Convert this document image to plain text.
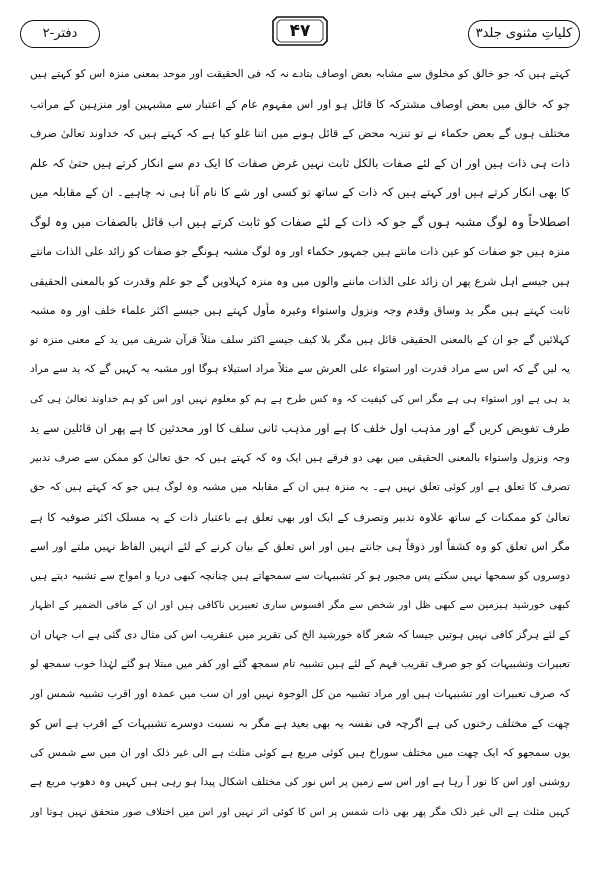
کلیاتِ مثنوی جلد۳
۴۷
دفتر-۲
کہتے ہیں کہ جو خالق کو مخلوق سے مشابہ بعض اوصاف بتادے نہ کہ فی الحقیقت اور موحد بمعنی منزہ اس کو کہتے ہیں
جو کہ خالق میں بعض اوصاف مشترکہ کا قائل ہو اور اس مفہوم عام کے اعتبار سے مشبہین اور منزہین کے مراتب
مختلف ہوں گے بعض حکماء نے تو تنزیہ محض کے قائل ہونے میں اتنا غلو کیا ہے کہ کہتے ہیں کہ خداوند تعالیٰ صرف
ذات ہی ذات ہیں اور ان کے لئے صفات بالکل ثابت نہیں غرض صفات کا ایک دم سے انکار کرتے ہیں حتیٰ کہ علم
کا بھی انکار کرتے ہیں اور کہتے ہیں کہ ذات کے ساتھ تو کسی اور شے کا نام آنا ہی نہ چاہیے۔ ان کے مقابلہ میں
اصطلاحاً وہ لوگ مشبہ ہوں گے جو کہ ذات کے لئے صفات کو ثابت کرتے ہیں اب قائل بالصفات میں وہ لوگ
منزہ ہیں جو صفات کو عین ذات مانتے ہیں جمہور حکماء اور وہ لوگ مشبہ ہونگے جو صفات کو زائد علی الذات مانتے
ہیں جیسے اہل شرع پھر ان زائد علی الذات ماننے والوں میں وہ منزہ کہلاویں گے جو علم وقدرت کو بالمعنی الحقیقی
ثابت کہتے ہیں مگر ید وساق وقدم وجہ ونزول واستواء وغیرہ مأول کہتے ہیں جیسے اکثر علماء خلف اور وہ مشبہ
کہلائیں گے جو ان کے بالمعنی الحقیقی قائل ہیں مگر بلا کیف جیسے اکثر سلف مثلاً قرآن شریف میں ید کے معنی منزہ تو
یہ لیں گے کہ اس سے مراد قدرت اور استواء علی العرش سے مثلاً مراد استیلاء ہوگا اور مشبہ یہ کہیں گے کہ ید سے مراد
ید ہی ہے اور استواء ہی ہے مگر اس کی کیفیت کہ وہ کس طرح ہے ہم کو معلوم نہیں اور اس کو ہم خداوند تعالیٰ ہی کی
طرف تفویض کریں گے اور مذہب اول خلف کا ہے اور مذہب ثانی سلف کا اور محدثین کا ہے پھر ان قائلین سے ید
وجہ ونزول واستواء بالمعنی الحقیقی میں بھی دو فرقے ہیں ایک وہ کہ کہتے ہیں کہ حق تعالیٰ کو ممکن سے صرف تدبیر
تصرف کا تعلق ہے اور کوئی تعلق نہیں ہے۔ یہ منزہ ہیں ان کے مقابلہ میں مشبہ وہ لوگ ہیں جو کہ کہتے ہیں کہ حق
تعالیٰ کو ممکنات کے ساتھ علاوہ تدبیر وتصرف کے ایک اور بھی تعلق ہے باعتبار ذات کے یہ مسلک اکثر صوفیہ کا ہے
مگر اس تعلق کو وہ کشفاً اور ذوقاً ہی جانتے ہیں اور اس تعلق کے بیان کرنے کے لئے انہیں الفاظ نہیں ملتے اور اسے
دوسروں کو سمجھا نہیں سکتے پس مجبور ہو کر تشبیہات سے سمجھاتے ہیں چنانچہ کبھی دریا و امواج سے تشبیہ دیتے ہیں
کبھی خورشید ہیزمین سے کبھی ظل اور شخص سے مگر افسوس ساری تعبیریں ناکافی ہیں اور ان کے مافی الضمیر کے اظہار
کے لئے ہرگز کافی نہیں ہوتیں جیسا کہ شعر گاہ خورشید الخ کی تقریر میں عنقریب اس کی مثال دی گئی ہے اب جہاں ان
تعبیرات وتشبیہات کو جو صرف تقریب فہم کے لئے ہیں تشبیہ تام سمجھ گئے اور کفر میں مبتلا ہو گئے لہٰذا خوب سمجھ لو
کہ صرف تعبیرات اور تشبیہات ہیں اور مراد تشبیہ من کل الوجوہ نہیں اور ان سب میں عمدہ اور اقرب تشبیہ شمس اور
چھت کے مختلف رخنوں کی ہے اگرچہ فی نفسہ یہ بھی بعید ہے مگر بہ نسبت دوسرے تشبیہات کے اقرب ہے اس کو
یوں سمجھو کہ ایک چھت میں مختلف سوراخ ہیں کوئی مربع ہے کوئی مثلث ہے الی غیر ذلک اور ان میں سے شمس کی
روشنی اور اس کا نور آ رہا ہے اور اس سے زمین پر اس نور کی مختلف اشکال پیدا ہو رہی ہیں کہیں وہ دھوپ مربع ہے
کہیں مثلث ہے الی غیر ذلک مگر پھر بھی ذات شمس پر اس کا کوئی اثر نہیں اور اس میں اختلاف صور متحقق نہیں ہوتا اور
